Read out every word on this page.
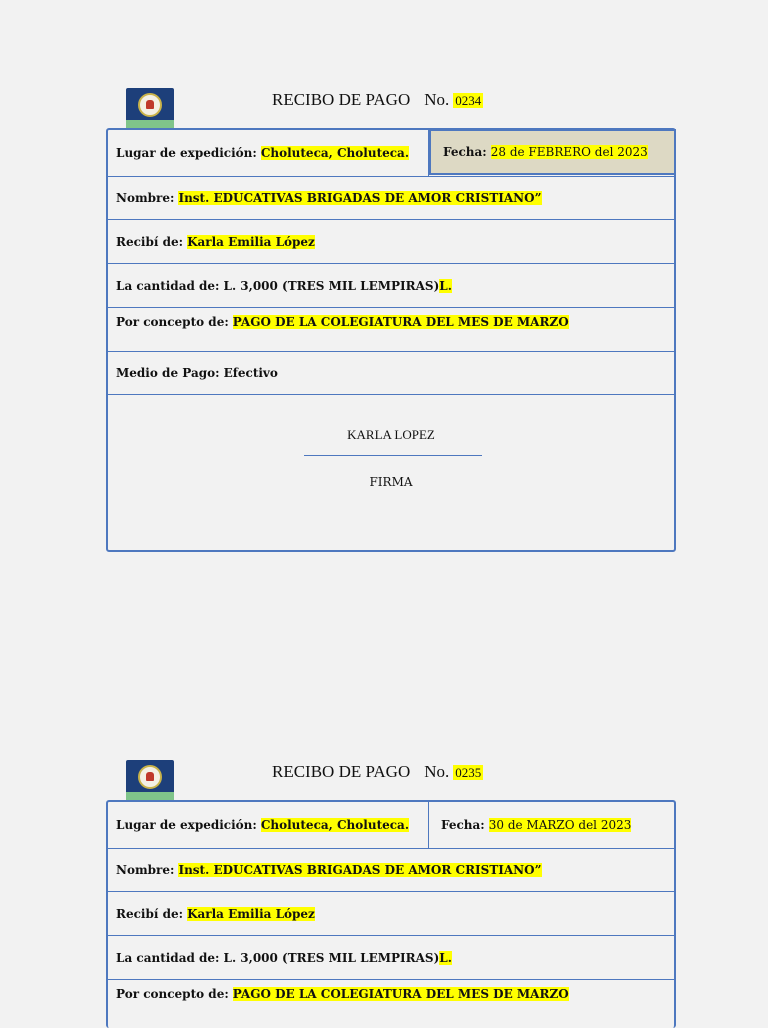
RECIBO DE PAGO No. 0234
Lugar de expedición: Choluteca, Choluteca.	Fecha: 28 de FEBRERO del 2023
Nombre: Inst. EDUCATIVAS BRIGADAS DE AMOR CRISTIANO”
Recibí de: Karla Emilia López
La cantidad de: L. 3,000 (TRES MIL LEMPIRAS) L.
Por concepto de: PAGO DE LA COLEGIATURA DEL MES DE MARZO
Medio de Pago: Efectivo
KARLA LOPEZ
FIRMA
RECIBO DE PAGO No. 0235
Lugar de expedición: Choluteca, Choluteca.	Fecha: 30 de MARZO del 2023
Nombre: Inst. EDUCATIVAS BRIGADAS DE AMOR CRISTIANO”
Recibí de: Karla Emilia López
La cantidad de: L. 3,000 (TRES MIL LEMPIRAS) L.
Por concepto de: PAGO DE LA COLEGIATURA DEL MES DE MARZO
